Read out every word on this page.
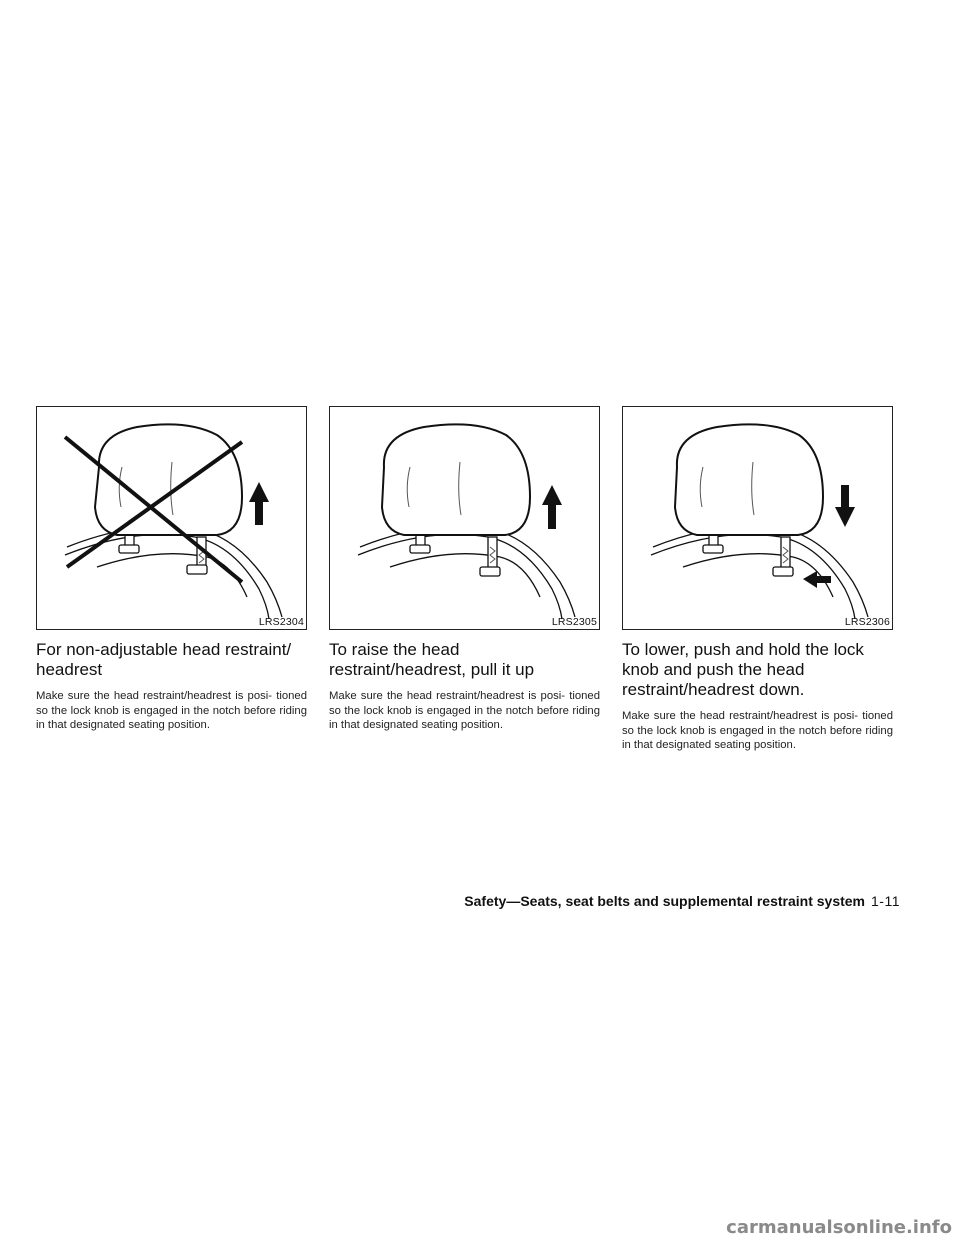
LRS2304
For non-adjustable head restraint/ headrest

Make sure the head restraint/headrest is posi- tioned so the lock knob is engaged in the notch before riding in that designated seating position.

LRS2305
To raise the head restraint/headrest, pull it up

Make sure the head restraint/headrest is posi- tioned so the lock knob is engaged in the notch before riding in that designated seating position.

LRS2306
To lower, push and hold the lock knob and push the head restraint/headrest down.

Make sure the head restraint/headrest is posi- tioned so the lock knob is engaged in the notch before riding in that designated seating position.

Safety—Seats, seat belts and supplemental restraint system 1-11
carmanualsonline.info
